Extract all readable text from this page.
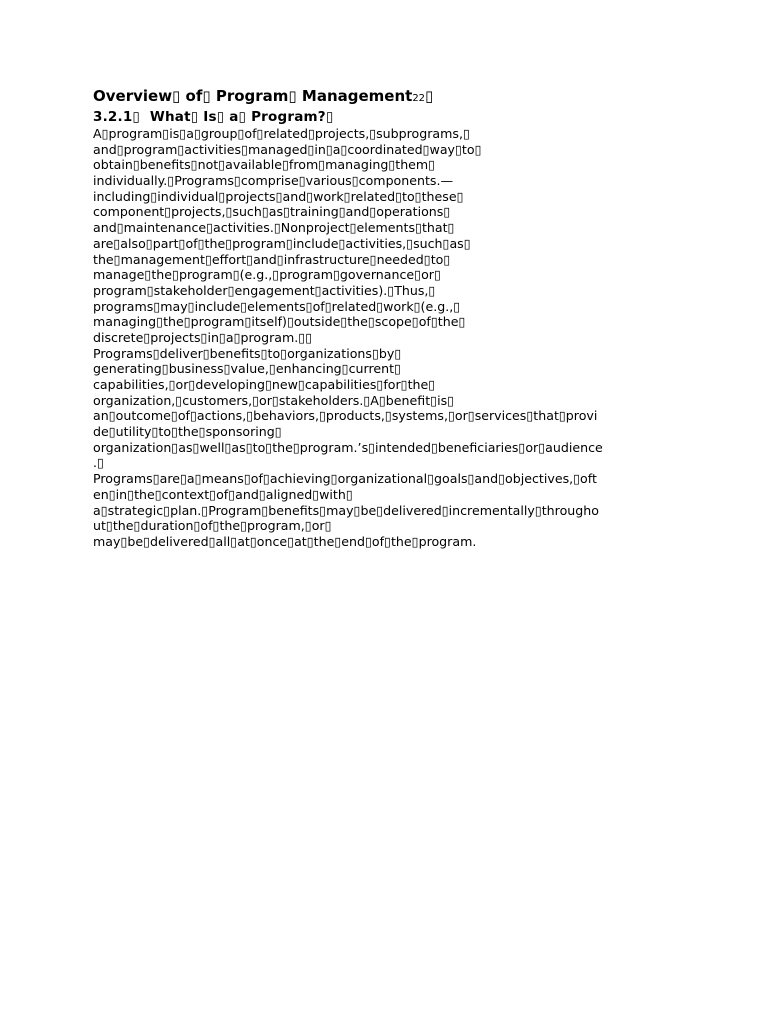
Overview▯ of▯ Program▯ Management22▯
3.2.1▯  What▯ Is▯ a▯ Program?▯
A▯program▯is▯a▯group▯of▯related▯projects,▯subprograms,▯
and▯program▯activities▯managed▯in▯a▯coordinated▯way▯to▯
obtain▯benefits▯not▯available▯from▯managing▯them▯
individually.▯Programs▯comprise▯various▯components.—
including▯individual▯projects▯and▯work▯related▯to▯these▯
component▯projects,▯such▯as▯training▯and▯operations▯
and▯maintenance▯activities.▯Nonproject▯elements▯that▯
are▯also▯part▯of▯the▯program▯include▯activities,▯such▯as▯
the▯management▯effort▯and▯infrastructure▯needed▯to▯
manage▯the▯program▯(e.g.,▯program▯governance▯or▯
program▯stakeholder▯engagement▯activities).▯Thus,▯
programs▯may▯include▯elements▯of▯related▯work▯(e.g.,▯
managing▯the▯program▯itself)▯outside▯the▯scope▯of▯the▯
discrete▯projects▯in▯a▯program.▯▯
Programs▯deliver▯benefits▯to▯organizations▯by▯
generating▯business▯value,▯enhancing▯current▯
capabilities,▯or▯developing▯new▯capabilities▯for▯the▯
organization,▯customers,▯or▯stakeholders.▯A▯benefit▯is▯
an▯outcome▯of▯actions,▯behaviors,▯products,▯systems,▯or▯services▯that▯provi
de▯utility▯to▯the▯sponsoring▯
organization▯as▯well▯as▯to▯the▯program.’s▯intended▯beneficiaries▯or▯audience
.▯
Programs▯are▯a▯means▯of▯achieving▯organizational▯goals▯and▯objectives,▯oft
en▯in▯the▯context▯of▯and▯aligned▯with▯
a▯strategic▯plan.▯Program▯benefits▯may▯be▯delivered▯incrementally▯througho
ut▯the▯duration▯of▯the▯program,▯or▯
may▯be▯delivered▯all▯at▯once▯at▯the▯end▯of▯the▯program.
